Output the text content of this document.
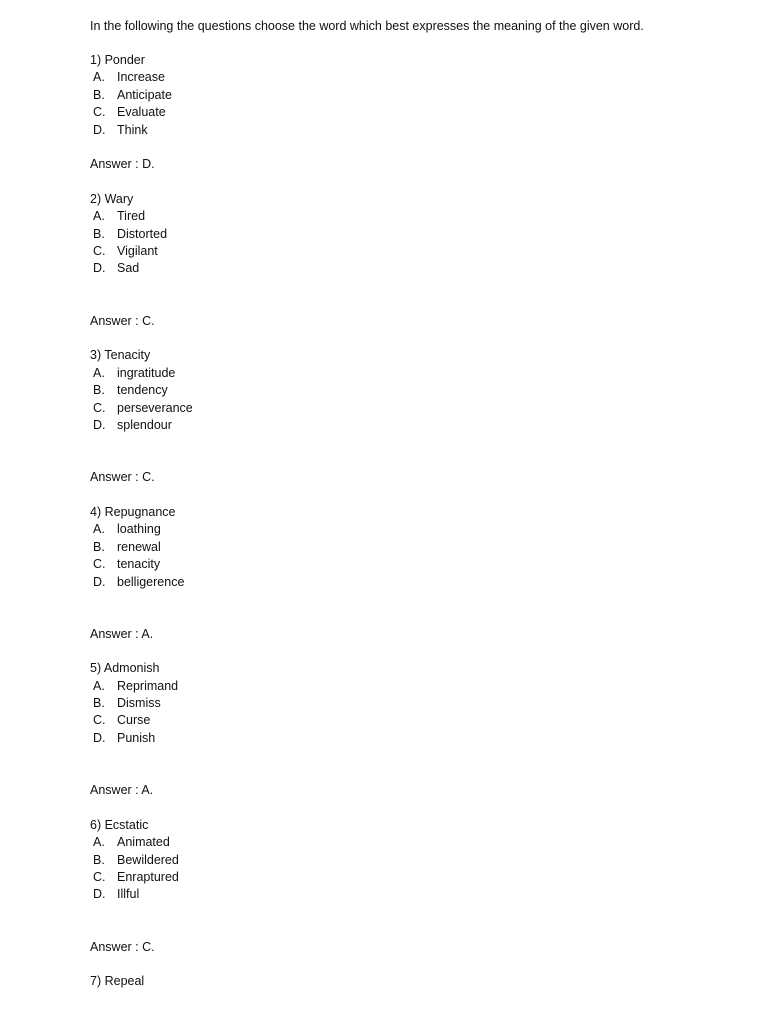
In the following the questions choose the word which best expresses the meaning of the given word.
1) Ponder
A. Increase
B. Anticipate
C. Evaluate
D. Think
Answer : D.
2) Wary
A. Tired
B. Distorted
C. Vigilant
D. Sad
Answer : C.
3) Tenacity
A. ingratitude
B. tendency
C. perseverance
D. splendour
Answer : C.
4) Repugnance
A. loathing
B. renewal
C. tenacity
D. belligerence
Answer : A.
5) Admonish
A. Reprimand
B. Dismiss
C. Curse
D. Punish
Answer : A.
6) Ecstatic
A. Animated
B. Bewildered
C. Enraptured
D. Illful
Answer : C.
7) Repeal
